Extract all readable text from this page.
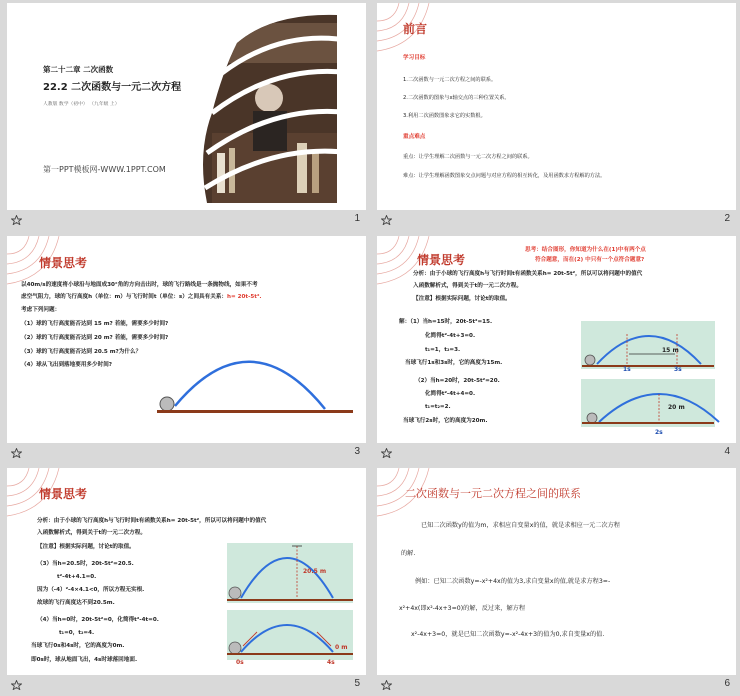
第二十二章 二次函数
22.2 二次函数与一元二次方程
人教版 数学（初中） （九年级 上）
第一PPT模板网-WWW.1PPT.COM
1
前言
学习目标
1.二次函数与一元二次方程之间的联系。
2.二次函数的图象与x轴交点的三种位置关系。
3.利用二次函数图象求它的实数根。
重点难点
重点：让学生理解二次函数与一元二次方程之间的联系。
难点：让学生理解函数图象交点问题与对应方程的相互转化，及用函数求方程解的方法。
2
情景思考
以40m/s的速度将小球沿与地面成30°角的方向击出时，球的飞行路线是一条抛物线，如果不考
虑空气阻力，球的飞行高度h（单位：m）与飞行时间t（单位：s）之间具有关系：h= 20t-5t².
考虑下列问题：
（1）球的飞行高度能否达到 15 m? 若能，需要多少时间?
（2）球的飞行高度能否达到 20 m? 若能，需要多少时间?
（3）球的飞行高度能否达到 20.5 m?为什么？
（4）球从飞出到落地要用多少时间?
3
情景思考
思考：结合图形，你知道为什么在(1)中有两个点
符合题意，而在(2) 中只有一个点符合题意?
分析：由于小球的飞行高度h与飞行时间t有函数关系h= 20t-5t²，所以可以将问题中的值代
入函数解析式，得到关于t的一元二次方程。
【注意】根据实际问题，讨论t的取值。
解：（1）当h=15时，20t-5t²=15.
化简得t²-4t+3=0.
t₁=1，t₂=3.
当球飞行1s和3s时，它的高度为15m.
（2）当h=20时，20t-5t²=20.
化简得t²-4t+4=0.
t₁=t₂=2.
当球飞行2s时，它的高度为20m.
15 m
1s	3s
20 m
2s
4
情景思考
分析：由于小球的飞行高度h与飞行时间t有函数关系h= 20t-5t²，所以可以将问题中的值代
入函数解析式，得到关于t的一元二次方程。
【注意】根据实际问题，讨论t的取值。
（3）当h=20.5时，20t-5t²=20.5.
t²-4t+4.1=0.
因为（-4）²-4×4.1<0，所以方程无实根.
故球的飞行高度达不到20.5m.
（4）当h=0时，20t-5t²=0，化简得t²-4t=0.
t₁=0，t₂=4.
当球飞行0s和4s时，它的高度为0m.
即0s时，球从地面飞出，4s时球落回地面.
20.5 m
0 m
0s	4s
5
二次函数与一元二次方程之间的联系
已知二次函数y的值为m，求相应自变量x的值，就是求相应一元二次方程
的解.
例如：已知二次函数y=-x²+4x的值为3,求自变量x的值,就是求方程3=-
x²+4x(即x²-4x+3=0)的解，反过来，解方程
x²-4x+3=0，就是已知二次函数y=-x²-4x+3的值为0,求自变量x的值.
6
